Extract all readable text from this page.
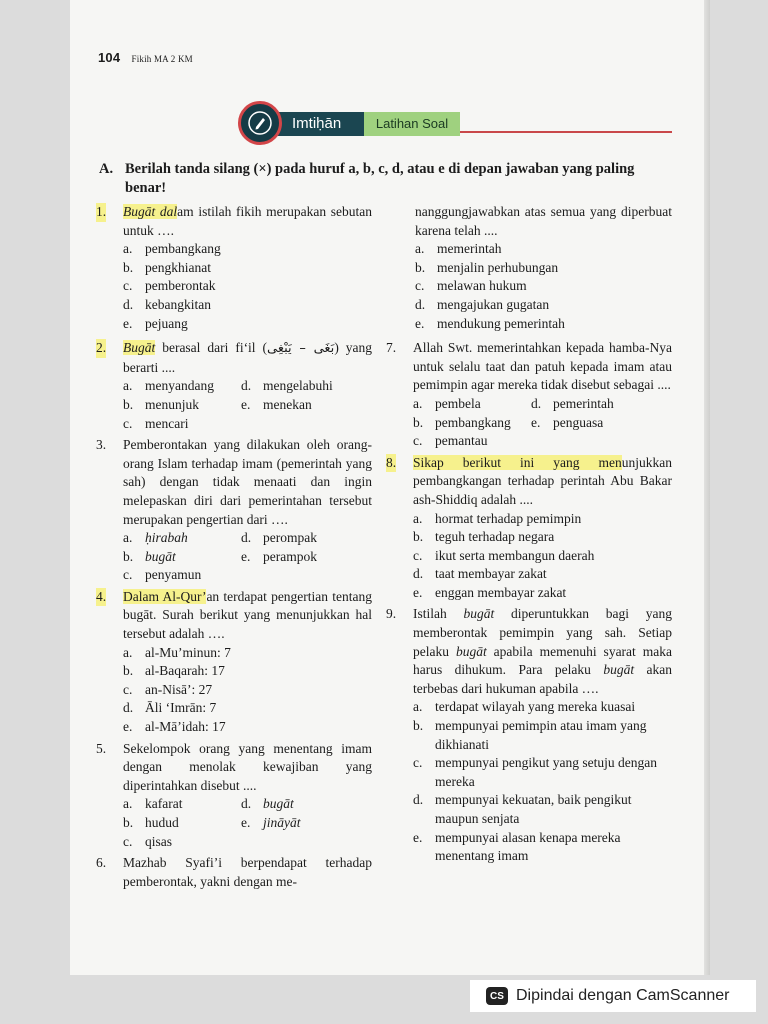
104 Fikih MA 2 KM
Imtiḥān	Latihan Soal
A. Berilah tanda silang (×) pada huruf a, b, c, d, atau e di depan jawaban yang paling benar!
1. Bugāt dalam istilah fikih merupakan sebutan untuk ….
a. pembangkang
b. pengkhianat
c. pemberontak
d. kebangkitan
e. pejuang
2. Bugāt berasal dari fi‘il (بَغَى – يَبْغِى) yang berarti ....
a. menyandang	d. mengelabuhi
b. menunjuk	e. menekan
c. mencari
3. Pemberontakan yang dilakukan oleh orang-orang Islam terhadap imam (pemerintah yang sah) dengan tidak menaati dan ingin melepaskan diri dari pemerintahan tersebut merupakan pengertian dari ….
a. ḥirabah	d. perompak
b. bugāt	e. perampok
c. penyamun
4. Dalam Al-Qur’an terdapat pengertian tentang bugāt. Surah berikut yang menunjukkan hal tersebut adalah ….
a. al-Mu’minun: 7
b. al-Baqarah: 17
c. an-Nisā’: 27
d. Āli ‘Imrān: 7
e. al-Mā’idah: 17
5. Sekelompok orang yang menentang imam dengan menolak kewajiban yang diperintahkan disebut ....
a. kafarat	d. bugāt
b. hudud	e. jināyāt
c. qisas
6. Mazhab Syafi’i berpendapat terhadap pemberontak, yakni dengan me-
nanggungjawabkan atas semua yang diperbuat karena telah ....
a. memerintah
b. menjalin perhubungan
c. melawan hukum
d. mengajukan gugatan
e. mendukung pemerintah
7. Allah Swt. memerintahkan kepada hamba-Nya untuk selalu taat dan patuh kepada imam atau pemimpin agar mereka tidak disebut sebagai ....
a. pembela	d. pemerintah
b. pembangkang	e. penguasa
c. pemantau
8. Sikap berikut ini yang menunjukkan pembangkangan terhadap perintah Abu Bakar ash-Shiddiq adalah ....
a. hormat terhadap pemimpin
b. teguh terhadap negara
c. ikut serta membangun daerah
d. taat membayar zakat
e. enggan membayar zakat
9. Istilah bugāt diperuntukkan bagi yang memberontak pemimpin yang sah. Setiap pelaku bugāt apabila memenuhi syarat maka harus dihukum. Para pelaku bugāt akan terbebas dari hukuman apabila ….
a. terdapat wilayah yang mereka kuasai
b. mempunyai pemimpin atau imam yang dikhianati
c. mempunyai pengikut yang setuju dengan mereka
d. mempunyai kekuatan, baik pengikut maupun senjata
e. mempunyai alasan kenapa mereka menentang imam
CS Dipindai dengan CamScanner
